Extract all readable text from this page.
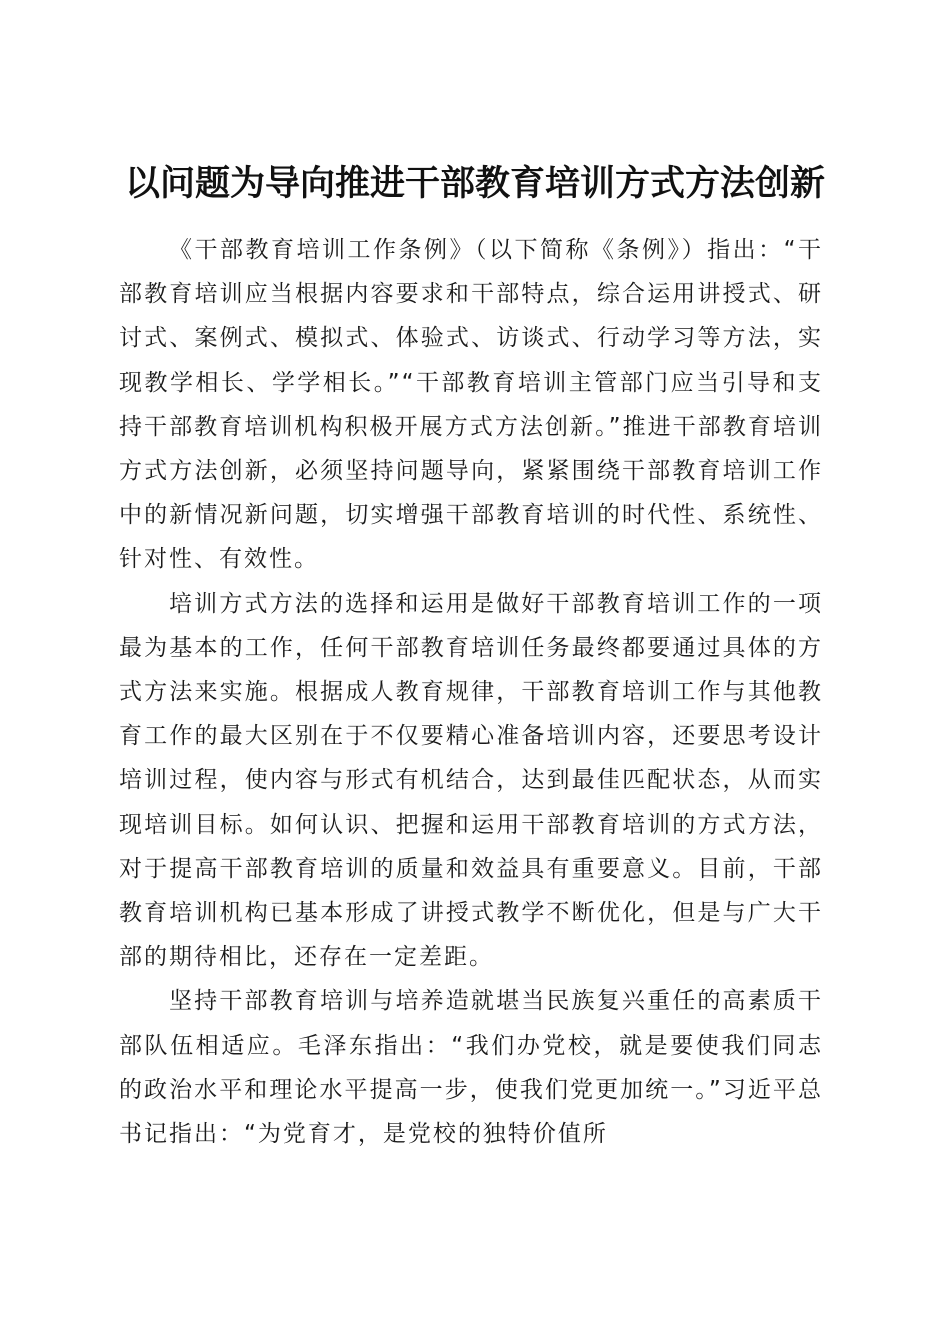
以问题为导向推进干部教育培训方式方法创新

《干部教育培训工作条例》（以下简称《条例》）指出：“干部教育培训应当根据内容要求和干部特点，综合运用讲授式、研讨式、案例式、模拟式、体验式、访谈式、行动学习等方法，实现教学相长、学学相长。”“干部教育培训主管部门应当引导和支持干部教育培训机构积极开展方式方法创新。”推进干部教育培训方式方法创新，必须坚持问题导向，紧紧围绕干部教育培训工作中的新情况新问题，切实增强干部教育培训的时代性、系统性、针对性、有效性。

培训方式方法的选择和运用是做好干部教育培训工作的一项最为基本的工作，任何干部教育培训任务最终都要通过具体的方式方法来实施。根据成人教育规律，干部教育培训工作与其他教育工作的最大区别在于不仅要精心准备培训内容，还要思考设计培训过程，使内容与形式有机结合，达到最佳匹配状态，从而实现培训目标。如何认识、把握和运用干部教育培训的方式方法，对于提高干部教育培训的质量和效益具有重要意义。目前，干部教育培训机构已基本形成了讲授式教学不断优化，但是与广大干部的期待相比，还存在一定差距。

坚持干部教育培训与培养造就堪当民族复兴重任的高素质干部队伍相适应。毛泽东指出：“我们办党校，就是要使我们同志的政治水平和理论水平提高一步，使我们党更加统一。”习近平总书记指出：“为党育才，是党校的独特价值所
